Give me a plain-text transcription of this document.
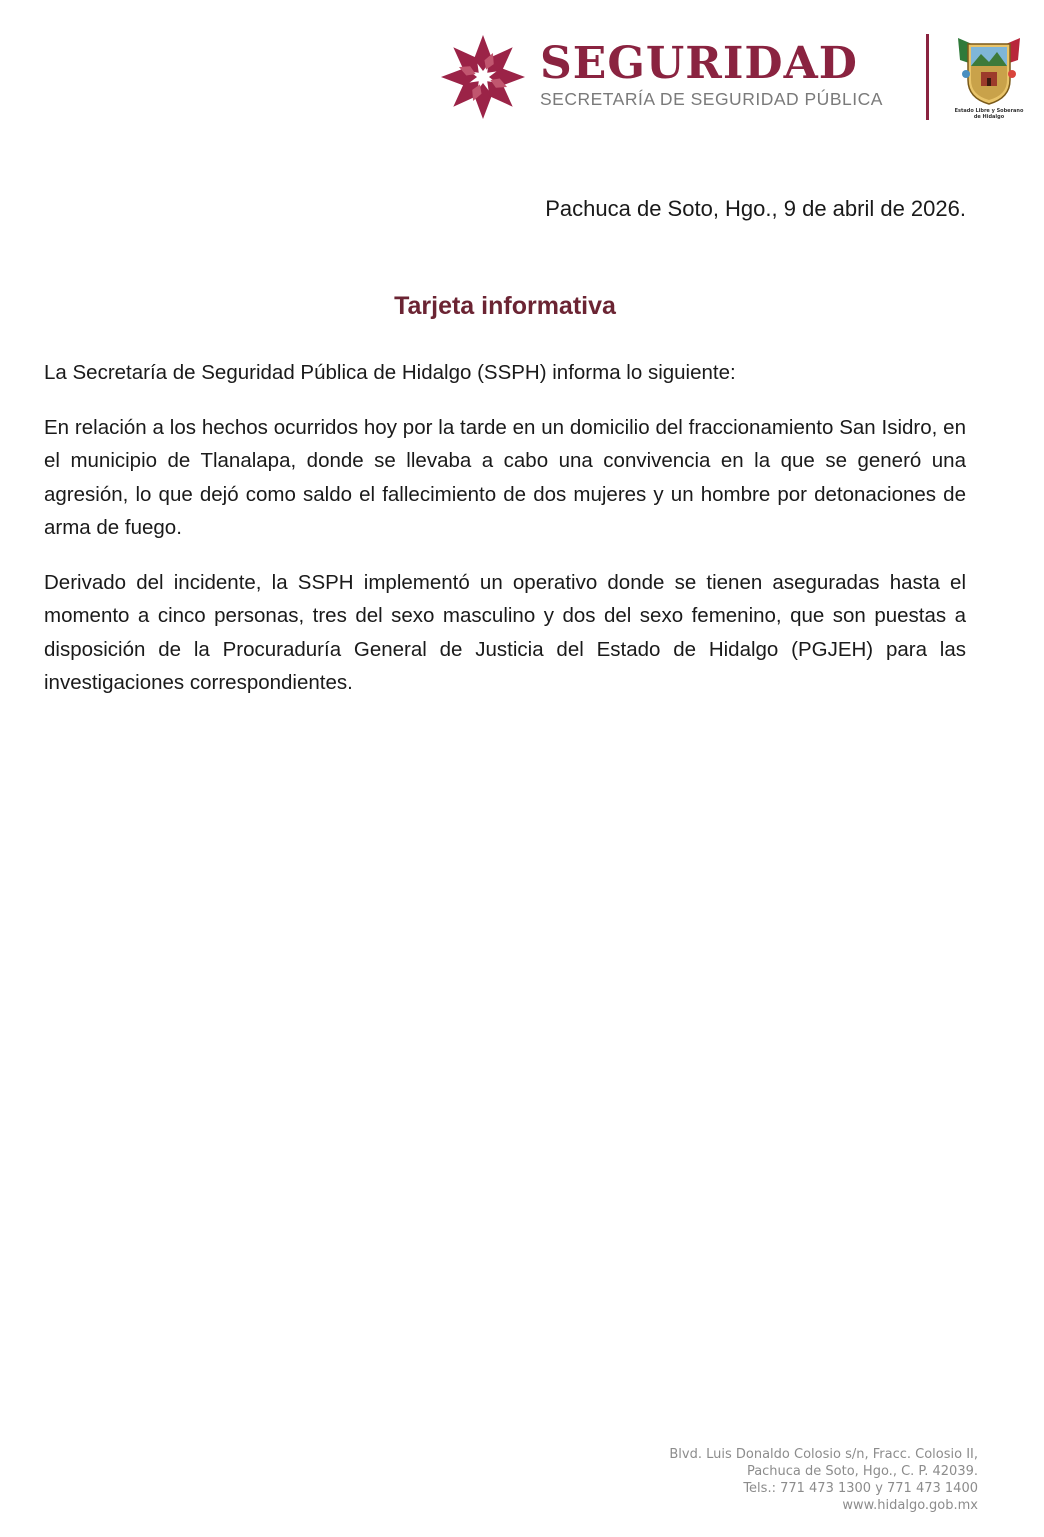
SEGURIDAD
SECRETARÍA DE SEGURIDAD PÚBLICA
Estado Libre y Soberano
de Hidalgo
Pachuca de Soto, Hgo., 9 de abril de 2026.
Tarjeta informativa

La Secretaría de Seguridad Pública de Hidalgo (SSPH) informa lo siguiente:

En relación a los hechos ocurridos hoy por la tarde en un domicilio del fraccionamiento San Isidro, en el municipio de Tlanalapa, donde se llevaba a cabo una convivencia en la que se generó una agresión, lo que dejó como saldo el fallecimiento de dos mujeres y un hombre por detonaciones de arma de fuego.

Derivado del incidente, la SSPH implementó un operativo donde se tienen aseguradas hasta el momento a cinco personas, tres del sexo masculino y dos del sexo femenino, que son puestas a disposición de la Procuraduría General de Justicia del Estado de Hidalgo (PGJEH) para las investigaciones correspondientes.

Blvd. Luis Donaldo Colosio s/n, Fracc. Colosio II,
Pachuca de Soto, Hgo., C. P. 42039.
Tels.: 771 473 1300 y 771 473 1400
www.hidalgo.gob.mx
